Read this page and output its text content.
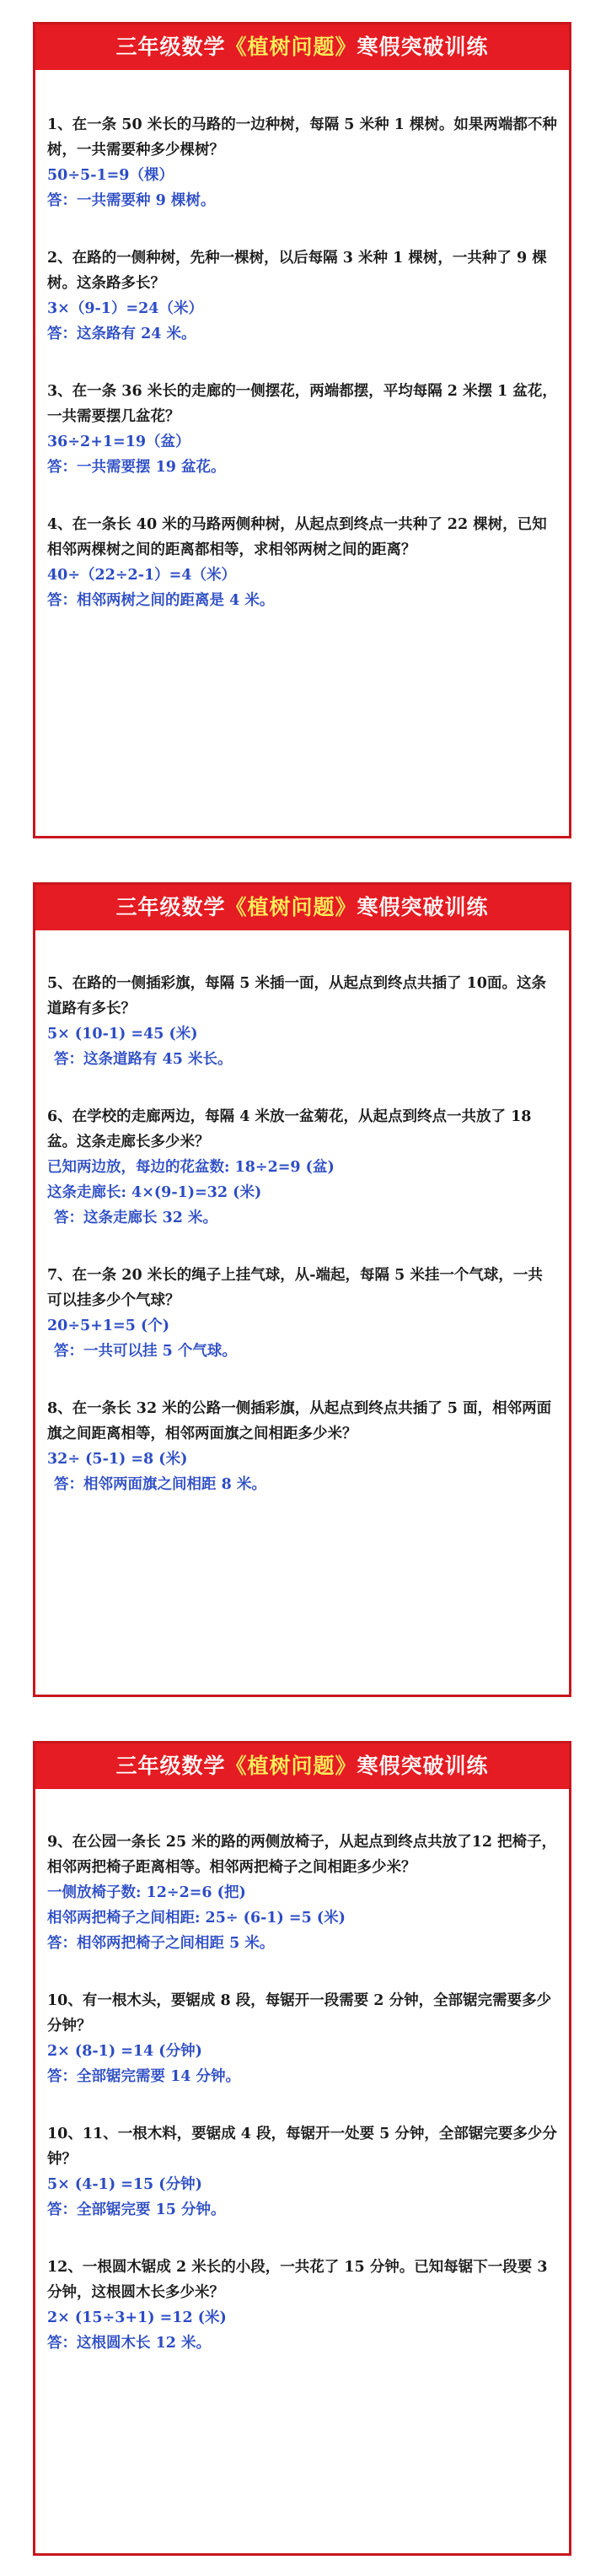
三年级数学《植树问题》寒假突破训练

1、在一条 50 米长的马路的一边种树，每隔 5 米种 1 棵树。如果两端都不种树，一共需要种多少棵树？

50÷5-1=9（棵）

答：一共需要种 9 棵树。

2、在路的一侧种树，先种一棵树，以后每隔 3 米种 1 棵树，一共种了 9 棵树。这条路多长？

3×（9-1）=24（米）

答：这条路有 24 米。

3、在一条 36 米长的走廊的一侧摆花，两端都摆，平均每隔 2 米摆 1 盆花，一共需要摆几盆花？

36÷2+1=19（盆）

答：一共需要摆 19 盆花。

4、在一条长 40 米的马路两侧种树，从起点到终点一共种了 22 棵树，已知相邻两棵树之间的距离都相等，求相邻两树之间的距离？

40÷（22÷2-1）=4（米）

答：相邻两树之间的距离是 4 米。

三年级数学《植树问题》寒假突破训练

5、在路的一侧插彩旗，每隔 5 米插一面，从起点到终点共插了 10面。这条道路有多长？

5× (10-1) =45 (米)

答：这条道路有 45 米长。

6、在学校的走廊两边，每隔 4 米放一盆菊花，从起点到终点一共放了 18 盆。这条走廊长多少米？

已知两边放，每边的花盆数: 18÷2=9 (盆)

这条走廊长: 4×(9-1)=32 (米)

答：这条走廊长 32 米。

7、在一条 20 米长的绳子上挂气球，从-端起，每隔 5 米挂一个气球，一共可以挂多少个气球？

20÷5+1=5 (个)

答：一共可以挂 5 个气球。

8、在一条长 32 米的公路一侧插彩旗，从起点到终点共插了 5 面，相邻两面旗之间距离相等，相邻两面旗之间相距多少米？

32÷ (5-1) =8 (米)

答：相邻两面旗之间相距 8 米。

三年级数学《植树问题》寒假突破训练

9、在公园一条长 25 米的路的两侧放椅子，从起点到终点共放了12 把椅子，相邻两把椅子距离相等。相邻两把椅子之间相距多少米？

一侧放椅子数: 12÷2=6 (把)

相邻两把椅子之间相距: 25÷ (6-1) =5 (米)

答：相邻两把椅子之间相距 5 米。

10、有一根木头，要锯成 8 段，每锯开一段需要 2 分钟，全部锯完需要多少分钟？

2× (8-1) =14 (分钟)

答：全部锯完需要 14 分钟。

10、11、一根木料，要锯成 4 段，每锯开一处要 5 分钟，全部锯完要多少分钟？

5× (4-1) =15 (分钟)

答：全部锯完要 15 分钟。

12、一根圆木锯成 2 米长的小段，一共花了 15 分钟。已知每锯下一段要 3 分钟，这根圆木长多少米？

2× (15÷3+1) =12 (米)

答：这根圆木长 12 米。
